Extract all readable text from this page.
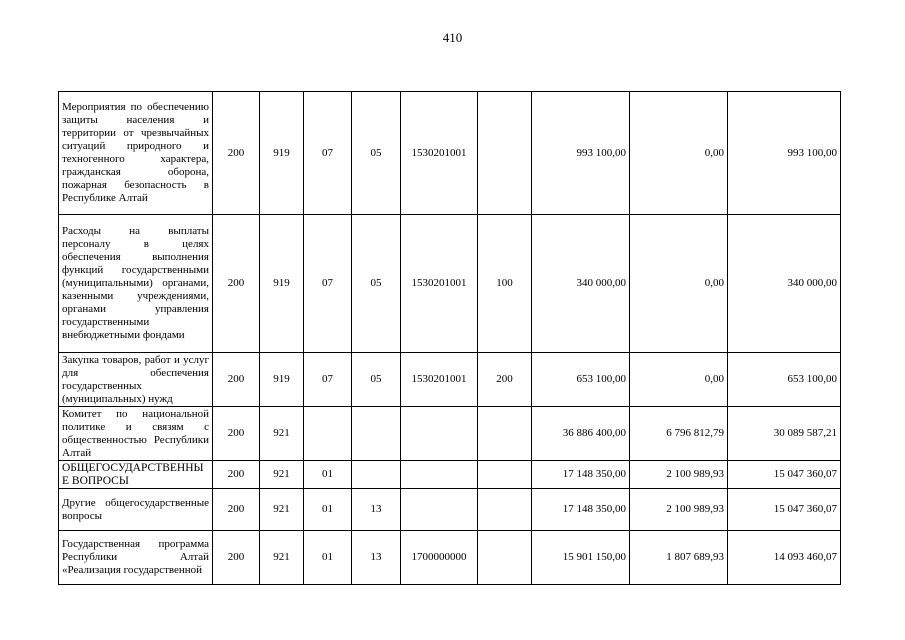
410
Мероприятия по обеспечению защиты населения и территории от чрезвычайных ситуаций природного и техногенного характера, гражданская оборона, пожарная безопасность в Республике Алтай	200	919	07	05	1530201001		993 100,00	0,00	993 100,00
Расходы на выплаты персоналу в целях обеспечения выполнения функций государственными (муниципальными) органами, казенными учреждениями, органами управления государственными внебюджетными фондами	200	919	07	05	1530201001	100	340 000,00	0,00	340 000,00
Закупка товаров, работ и услуг для обеспечения государственных (муниципальных) нужд	200	919	07	05	1530201001	200	653 100,00	0,00	653 100,00
Комитет по национальной политике и связям с общественностью Республики Алтай	200	921					36 886 400,00	6 796 812,79	30 089 587,21
ОБЩЕГОСУДАРСТВЕННЫЕ ВОПРОСЫ	200	921	01				17 148 350,00	2 100 989,93	15 047 360,07
Другие общегосударственные вопросы	200	921	01	13			17 148 350,00	2 100 989,93	15 047 360,07
Государственная программа Республики Алтай «Реализация государственной	200	921	01	13	1700000000		15 901 150,00	1 807 689,93	14 093 460,07
